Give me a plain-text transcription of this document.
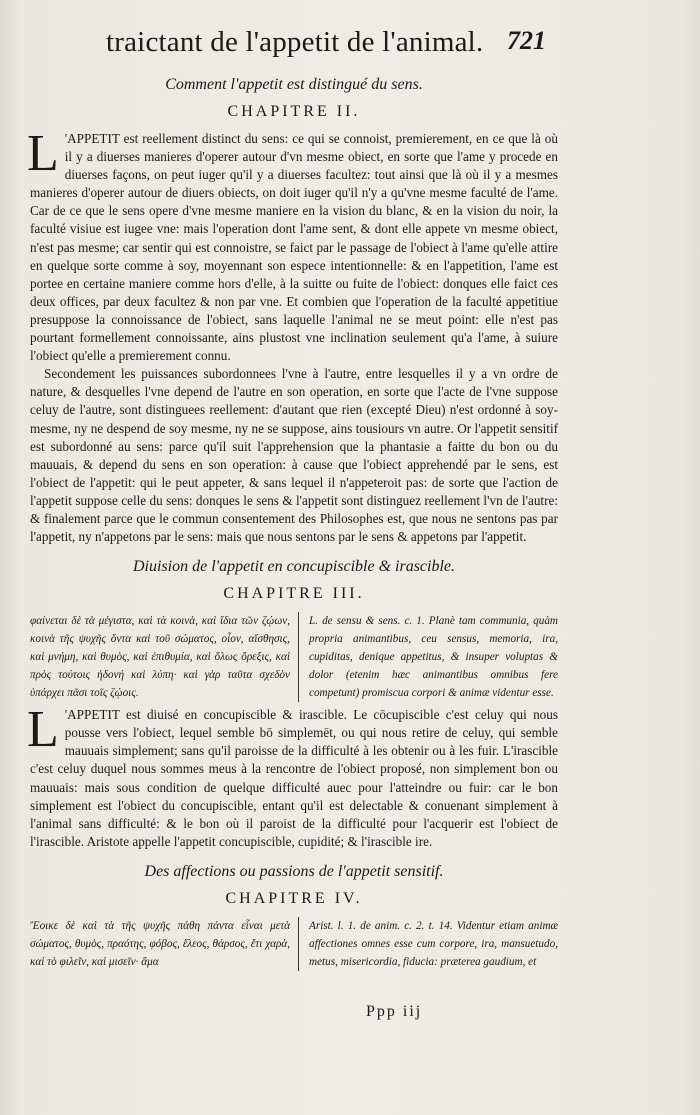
traictant de l'appetit de l'animal. 721
Comment l'appetit est distingué du sens.
CHAPITRE II.

L 'APPETIT est reellement distinct du sens: ce qui se connoist, premierement, en ce que là où il y a diuerses manieres d'operer autour d'vn mesme obiect, en sorte que l'ame y procede en diuerses façons, on peut iuger qu'il y a diuerses facultez: tout ainsi que là où il y a mesmes manieres d'operer autour de diuers obiects, on doit iuger qu'il n'y a qu'vne mesme faculté de l'ame. Car de ce que le sens opere d'vne mesme maniere en la vision du blanc, & en la vision du noir, la faculté visiue est iugee vne: mais l'operation dont l'ame sent, & dont elle appete vn mesme obiect, n'est pas mesme; car sentir qui est connoistre, se faict par le passage de l'obiect à l'ame qu'elle attire en quelque sorte comme à soy, moyennant son espece intentionnelle: & en l'appetition, l'ame est portee en certaine maniere comme hors d'elle, à la suitte ou fuite de l'obiect: donques elle faict ces deux offices, par deux facultez & non par vne. Et combien que l'operation de la faculté appetitiue presuppose la connoissance de l'obiect, sans laquelle l'animal ne se meut point: elle n'est pas pourtant formellement connoissante, ains plustost vne inclination seulement qu'a l'ame, à suiure l'obiect qu'elle a premierement connu.

Secondement les puissances subordonnees l'vne à l'autre, entre lesquelles il y a vn ordre de nature, & desquelles l'vne depend de l'autre en son operation, en sorte que l'acte de l'vne suppose celuy de l'autre, sont distinguees reellement: d'autant que rien (excepté Dieu) n'est ordonné à soy-mesme, ny ne despend de soy mesme, ny ne se suppose, ains tousiours vn autre. Or l'appetit sensitif est subordonné au sens: parce qu'il suit l'apprehension que la phantasie a faitte du bon ou du mauuais, & depend du sens en son operation: à cause que l'obiect apprehendé par le sens, est l'obiect de l'appetit: qui le peut appeter, & sans lequel il n'appeteroit pas: de sorte que l'action de l'appetit suppose celle du sens: donques le sens & l'appetit sont distinguez reellement l'vn de l'autre: & finalement parce que le commun consentement des Philosophes est, que nous ne sentons pas par l'appetit, ny n'appetons par le sens: mais que nous sentons par le sens & appetons par l'appetit.

Diuision de l'appetit en concupiscible & irascible.
CHAPITRE III.
φαίνεται δὲ τὰ μέγιστα, καὶ τὰ κοινὰ, καὶ ἴδια τῶν ζῴων, κοινὰ τῆς ψυχῆς ὄντα καὶ τοῦ σώματος, οἷον, αἴσθησις, καὶ μνήμη, καὶ θυμὸς, καὶ ἐπιθυμία, καὶ ὅλως ὄρεξις, καὶ πρὸς τούτοις ἡδονή καὶ λύπη· καὶ γὰρ ταῦτα σχεδὸν ὑπάρχει πᾶσι τοῖς ζῴοις.
L. de sensu & sens. c. 1. Planè tam communia, quàm propria animantibus, ceu sensus, memoria, ira, cupiditas, denique appetitus, & insuper voluptas & dolor (etenim hæc animantibus omnibus fere competunt) promiscua corpori & animæ videntur esse.

L 'APPETIT est diuisé en concupiscible & irascible. Le cōcupiscible c'est celuy qui nous pousse vers l'obiect, lequel semble bō simplemēt, ou qui nous retire de celuy, qui semble mauuais simplement; sans qu'il paroisse de la difficulté à les obtenir ou à les fuir. L'irascible c'est celuy duquel nous sommes meus à la rencontre de l'obiect proposé, non simplement bon ou mauuais: mais sous condition de quelque difficulté auec pour l'atteindre ou fuir: car le bon simplement est l'obiect du concupiscible, entant qu'il est delectable & conuenant simplement à l'animal sans difficulté: & le bon où il paroist de la difficulté pour l'acquerir est l'obiect de l'irascible. Aristote appelle l'appetit concupiscible, cupidité; & l'irascible ire.

Des affections ou passions de l'appetit sensitif.
CHAPITRE IV.
Ἔοικε δὲ καὶ τὰ τῆς ψυχῆς πάθη πάντα εἶναι μετὰ σώματος, θυμὸς, πραότης, φόβος, ἔλεος, θάρσος, ἔτι χαρὰ, καὶ τὸ φιλεῖν, καὶ μισεῖν· ἅμα
Arist. l. 1. de anim. c. 2. t. 14. Videntur etiam animæ affectiones omnes esse cum corpore, ira, mansuetudo, metus, misericordia, fiducia: præterea gaudium, et
Ppp iij
